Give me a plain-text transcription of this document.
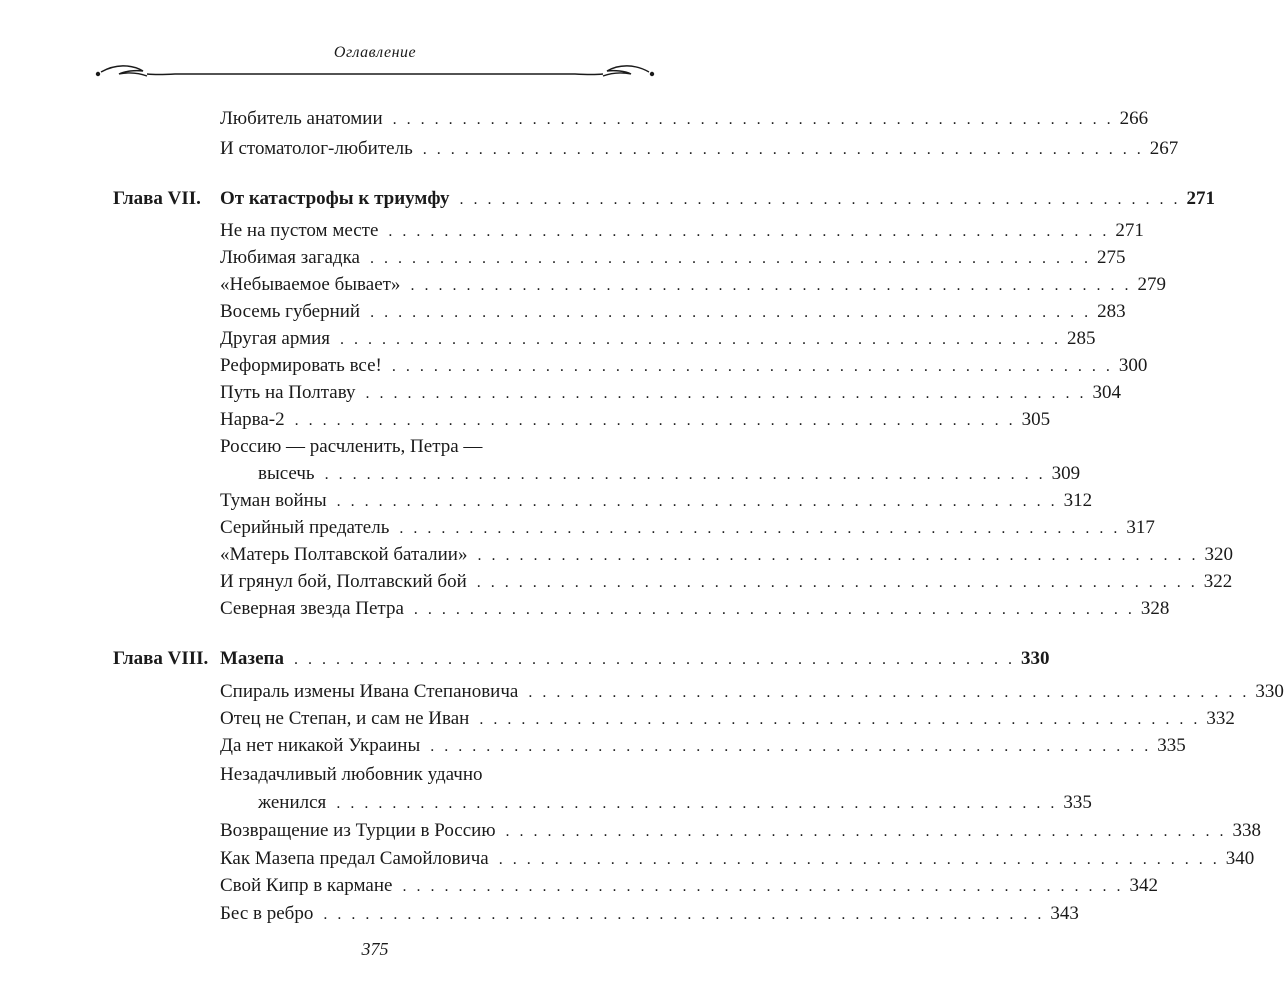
Оглавление
Любитель анатомии . . . . . . . . . . . . . . . . . . . . . . . . . . . . . . . . . . . . . . . . . . . . . . . . . . . . 266
И стоматолог-любитель . . . . . . . . . . . . . . . . . . . . . . . . . . . . . . . . . . . . . . . . . . . . . . . . . . . . 267
Глава VII. От катастрофы к триумфу . . . . . . . . . . . . . . . . . . . . . . . . . . . . . . . . . . . . . . . . . . . . . . . . . . . . 271
Не на пустом месте . . . . . . . . . . . . . . . . . . . . . . . . . . . . . . . . . . . . . . . . . . . . . . . . . . . . 271
Любимая загадка . . . . . . . . . . . . . . . . . . . . . . . . . . . . . . . . . . . . . . . . . . . . . . . . . . . . 275
«Небываемое бывает» . . . . . . . . . . . . . . . . . . . . . . . . . . . . . . . . . . . . . . . . . . . . . . . . . . . . 279
Восемь губерний . . . . . . . . . . . . . . . . . . . . . . . . . . . . . . . . . . . . . . . . . . . . . . . . . . . . 283
Другая армия . . . . . . . . . . . . . . . . . . . . . . . . . . . . . . . . . . . . . . . . . . . . . . . . . . . . 285
Реформировать все! . . . . . . . . . . . . . . . . . . . . . . . . . . . . . . . . . . . . . . . . . . . . . . . . . . . . 300
Путь на Полтаву . . . . . . . . . . . . . . . . . . . . . . . . . . . . . . . . . . . . . . . . . . . . . . . . . . . . 304
Нарва-2 . . . . . . . . . . . . . . . . . . . . . . . . . . . . . . . . . . . . . . . . . . . . . . . . . . . . 305
Россию — расчленить, Петра —
высечь . . . . . . . . . . . . . . . . . . . . . . . . . . . . . . . . . . . . . . . . . . . . . . . . . . . . 309
Туман войны . . . . . . . . . . . . . . . . . . . . . . . . . . . . . . . . . . . . . . . . . . . . . . . . . . . . 312
Серийный предатель . . . . . . . . . . . . . . . . . . . . . . . . . . . . . . . . . . . . . . . . . . . . . . . . . . . . 317
«Матерь Полтавской баталии» . . . . . . . . . . . . . . . . . . . . . . . . . . . . . . . . . . . . . . . . . . . . . . . . . . . . 320
И грянул бой, Полтавский бой . . . . . . . . . . . . . . . . . . . . . . . . . . . . . . . . . . . . . . . . . . . . . . . . . . . . 322
Северная звезда Петра . . . . . . . . . . . . . . . . . . . . . . . . . . . . . . . . . . . . . . . . . . . . . . . . . . . . 328
Глава VIII. Мазепа . . . . . . . . . . . . . . . . . . . . . . . . . . . . . . . . . . . . . . . . . . . . . . . . . . . . 330
Спираль измены Ивана Степановича . . . . . . . . . . . . . . . . . . . . . . . . . . . . . . . . . . . . . . . . . . . . . . . . . . . . 330
Отец не Степан, и сам не Иван . . . . . . . . . . . . . . . . . . . . . . . . . . . . . . . . . . . . . . . . . . . . . . . . . . . . 332
Да нет никакой Украины . . . . . . . . . . . . . . . . . . . . . . . . . . . . . . . . . . . . . . . . . . . . . . . . . . . . 335
Незадачливый любовник удачно
женился . . . . . . . . . . . . . . . . . . . . . . . . . . . . . . . . . . . . . . . . . . . . . . . . . . . . 335
Возвращение из Турции в Россию . . . . . . . . . . . . . . . . . . . . . . . . . . . . . . . . . . . . . . . . . . . . . . . . . . . . 338
Как Мазепа предал Самойловича . . . . . . . . . . . . . . . . . . . . . . . . . . . . . . . . . . . . . . . . . . . . . . . . . . . . 340
Свой Кипр в кармане . . . . . . . . . . . . . . . . . . . . . . . . . . . . . . . . . . . . . . . . . . . . . . . . . . . . 342
Бес в ребро . . . . . . . . . . . . . . . . . . . . . . . . . . . . . . . . . . . . . . . . . . . . . . . . . . . . 343
375
